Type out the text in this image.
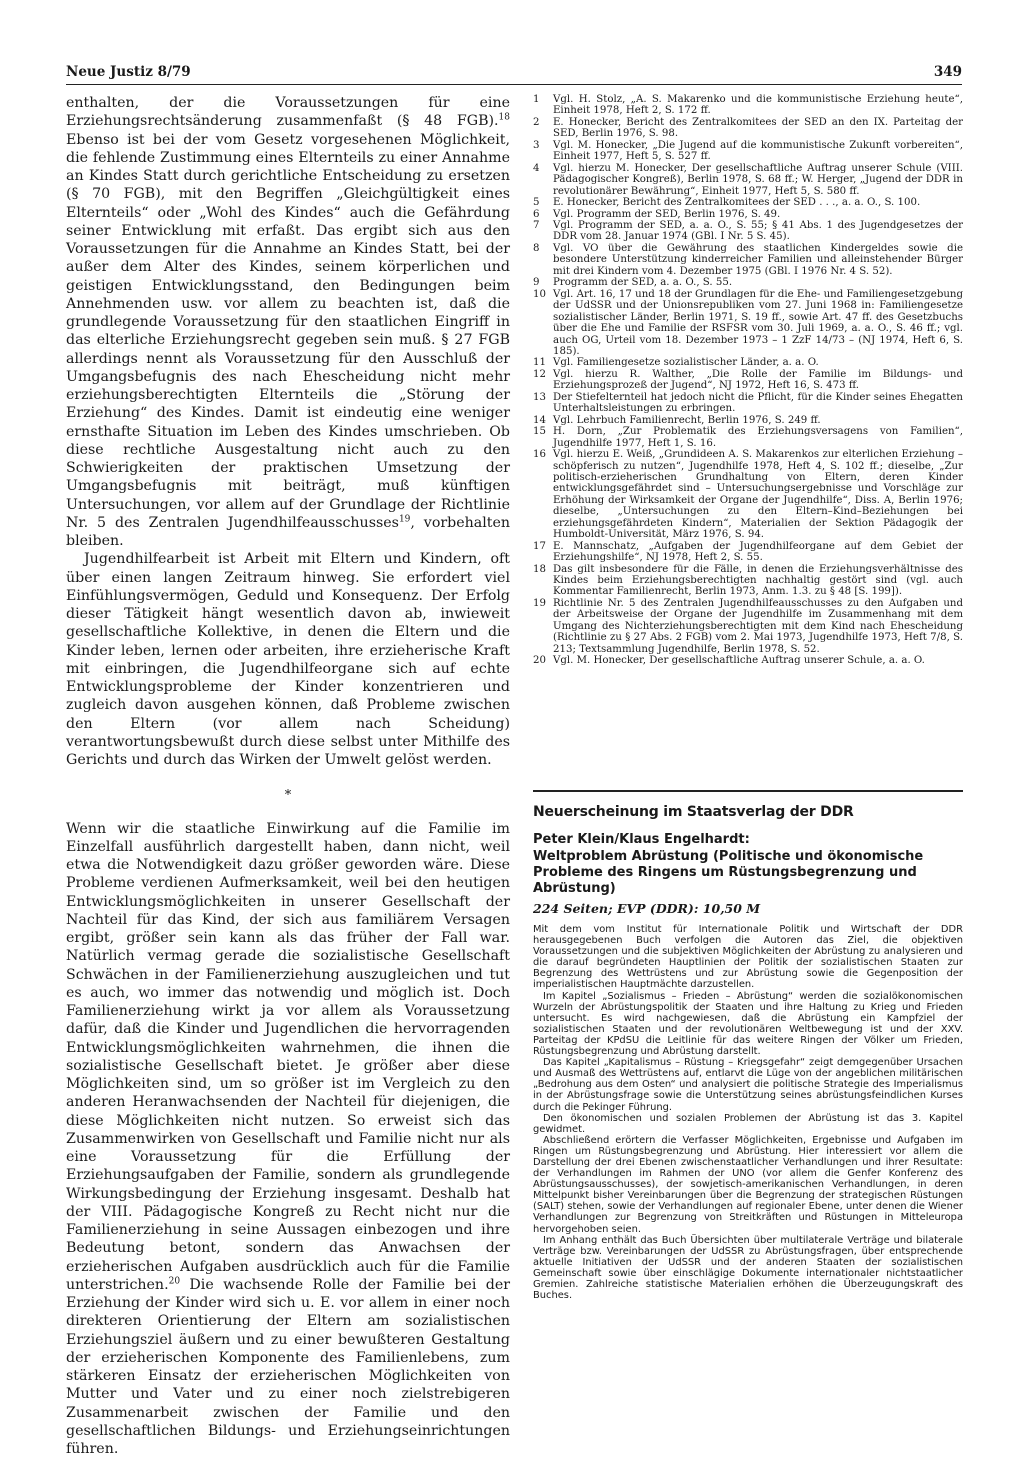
Neue Justiz 8/79	349

enthalten, der die Voraussetzungen für eine Erziehungsrechtsänderung zusammenfaßt (§ 48 FGB).$^{18}$ Ebenso ist bei der vom Gesetz vorgesehenen Möglichkeit, die fehlende Zustimmung eines Elternteils zu einer Annahme an Kindes Statt durch gerichtliche Entscheidung zu ersetzen (§ 70 FGB), mit den Begriffen „Gleichgültigkeit eines Elternteils“ oder „Wohl des Kindes“ auch die Gefährdung seiner Entwicklung mit erfaßt. Das ergibt sich aus den Voraussetzungen für die Annahme an Kindes Statt, bei der außer dem Alter des Kindes, seinem körperlichen und geistigen Entwicklungsstand, den Bedingungen beim Annehmenden usw. vor allem zu beachten ist, daß die grundlegende Voraussetzung für den staatlichen Eingriff in das elterliche Erziehungsrecht gegeben sein muß. § 27 FGB allerdings nennt als Voraussetzung für den Ausschluß der Umgangsbefugnis des nach Ehescheidung nicht mehr erziehungsberechtigten Elternteils die „Störung der Erziehung“ des Kindes. Damit ist eindeutig eine weniger ernsthafte Situation im Leben des Kindes umschrieben. Ob diese rechtliche Ausgestaltung nicht auch zu den Schwierigkeiten der praktischen Umsetzung der Umgangsbefugnis mit beiträgt, muß künftigen Untersuchungen, vor allem auf der Grundlage der Richtlinie Nr. 5 des Zentralen Jugendhilfeausschusses$^{19}$, vorbehalten bleiben.

Jugendhilfearbeit ist Arbeit mit Eltern und Kindern, oft über einen langen Zeitraum hinweg. Sie erfordert viel Einfühlungsvermögen, Geduld und Konsequenz. Der Erfolg dieser Tätigkeit hängt wesentlich davon ab, inwieweit gesellschaftliche Kollektive, in denen die Eltern und die Kinder leben, lernen oder arbeiten, ihre erzieherische Kraft mit einbringen, die Jugendhilfeorgane sich auf echte Entwicklungsprobleme der Kinder konzentrieren und zugleich davon ausgehen können, daß Probleme zwischen den Eltern (vor allem nach Scheidung) verantwortungsbewußt durch diese selbst unter Mithilfe des Gerichts und durch das Wirken der Umwelt gelöst werden.

*

Wenn wir die staatliche Einwirkung auf die Familie im Einzelfall ausführlich dargestellt haben, dann nicht, weil etwa die Notwendigkeit dazu größer geworden wäre. Diese Probleme verdienen Aufmerksamkeit, weil bei den heutigen Entwicklungsmöglichkeiten in unserer Gesellschaft der Nachteil für das Kind, der sich aus familiärem Versagen ergibt, größer sein kann als das früher der Fall war. Natürlich vermag gerade die sozialistische Gesellschaft Schwächen in der Familienerziehung auszugleichen und tut es auch, wo immer das notwendig und möglich ist. Doch Familienerziehung wirkt ja vor allem als Voraussetzung dafür, daß die Kinder und Jugendlichen die hervorragenden Entwicklungsmöglichkeiten wahrnehmen, die ihnen die sozialistische Gesellschaft bietet. Je größer aber diese Möglichkeiten sind, um so größer ist im Vergleich zu den anderen Heranwachsenden der Nachteil für diejenigen, die diese Möglichkeiten nicht nutzen. So erweist sich das Zusammenwirken von Gesellschaft und Familie nicht nur als eine Voraussetzung für die Erfüllung der Erziehungsaufgaben der Familie, sondern als grundlegende Wirkungsbedingung der Erziehung insgesamt. Deshalb hat der VIII. Pädagogische Kongreß zu Recht nicht nur die Familienerziehung in seine Aussagen einbezogen und ihre Bedeutung betont, sondern das Anwachsen der erzieherischen Aufgaben ausdrücklich auch für die Familie unterstrichen.$^{20}$ Die wachsende Rolle der Familie bei der Erziehung der Kinder wird sich u. E. vor allem in einer noch direkteren Orientierung der Eltern am sozialistischen Erziehungsziel äußern und zu einer bewußteren Gestaltung der erzieherischen Komponente des Familienlebens, zum stärkeren Einsatz der erzieherischen Möglichkeiten von Mutter und Vater und zu einer noch zielstrebigeren Zusammenarbeit zwischen der Familie und den gesellschaftlichen Bildungs- und Erziehungseinrichtungen führen.

1	Vgl. H. Stolz, „A. S. Makarenko und die kommunistische Erziehung heute“, Einheit 1978, Heft 2, S. 172 ff.
2	E. Honecker, Bericht des Zentralkomitees der SED an den IX. Parteitag der SED, Berlin 1976, S. 98.
3	Vgl. M. Honecker, „Die Jugend auf die kommunistische Zukunft vorbereiten“, Einheit 1977, Heft 5, S. 527 ff.
4	Vgl. hierzu M. Honecker, Der gesellschaftliche Auftrag unserer Schule (VIII. Pädagogischer Kongreß), Berlin 1978, S. 68 ff.; W. Herger, „Jugend der DDR in revolutionärer Bewährung“, Einheit 1977, Heft 5, S. 580 ff.
5	E. Honecker, Bericht des Zentralkomitees der SED . . ., a. a. O., S. 100.
6	Vgl. Programm der SED, Berlin 1976, S. 49.
7	Vgl. Programm der SED, a. a. O., S. 55; § 41 Abs. 1 des Jugendgesetzes der DDR vom 28. Januar 1974 (GBl. I Nr. 5 S. 45).
8	Vgl. VO über die Gewährung des staatlichen Kindergeldes sowie die besondere Unterstützung kinderreicher Familien und alleinstehender Bürger mit drei Kindern vom 4. Dezember 1975 (GBl. I 1976 Nr. 4 S. 52).
9	Programm der SED, a. a. O., S. 55.
10 Vgl. Art. 16, 17 und 18 der Grundlagen für die Ehe- und Familiengesetzgebung der UdSSR und der Unionsrepubliken vom 27. Juni 1968 in: Familiengesetze sozialistischer Länder, Berlin 1971, S. 19 ff., sowie Art. 47 ff. des Gesetzbuchs über die Ehe und Familie der RSFSR vom 30. Juli 1969, a. a. O., S. 46 ff.; vgl. auch OG, Urteil vom 18. Dezember 1973 – 1 ZzF 14/73 – (NJ 1974, Heft 6, S. 185).
11 Vgl. Familiengesetze sozialistischer Länder, a. a. O.
12 Vgl. hierzu R. Walther, „Die Rolle der Familie im Bildungs- und Erziehungsprozeß der Jugend“, NJ 1972, Heft 16, S. 473 ff.
13 Der Stiefelternteil hat jedoch nicht die Pflicht, für die Kinder seines Ehegatten Unterhaltsleistungen zu erbringen.
14 Vgl. Lehrbuch Familienrecht, Berlin 1976, S. 249 ff.
15 H. Dorn, „Zur Problematik des Erziehungsversagens von Familien“, Jugendhilfe 1977, Heft 1, S. 16.
16 Vgl. hierzu E. Weiß, „Grundideen A. S. Makarenkos zur elterlichen Erziehung – schöpferisch zu nutzen“, Jugendhilfe 1978, Heft 4, S. 102 ff.; dieselbe, „Zur politisch-erzieherischen Grundhaltung von Eltern, deren Kinder entwicklungsgefährdet sind – Untersuchungsergebnisse und Vorschläge zur Erhöhung der Wirksamkeit der Organe der Jugendhilfe“, Diss. A, Berlin 1976; dieselbe, „Untersuchungen zu den Eltern–Kind–Beziehungen bei erziehungsgefährdeten Kindern“, Materialien der Sektion Pädagogik der Humboldt-Universität, März 1976, S. 94.
17 E. Mannschatz, „Aufgaben der Jugendhilfeorgane auf dem Gebiet der Erziehungshilfe“, NJ 1978, Heft 2, S. 55.
18 Das gilt insbesondere für die Fälle, in denen die Erziehungsverhältnisse des Kindes beim Erziehungsberechtigten nachhaltig gestört sind (vgl. auch Kommentar Familienrecht, Berlin 1973, Anm. 1.3. zu § 48 [S. 199]).
19 Richtlinie Nr. 5 des Zentralen Jugendhilfeausschusses zu den Aufgaben und der Arbeitsweise der Organe der Jugendhilfe im Zusammenhang mit dem Umgang des Nichterziehungsberechtigten mit dem Kind nach Ehescheidung (Richtlinie zu § 27 Abs. 2 FGB) vom 2. Mai 1973, Jugendhilfe 1973, Heft 7/8, S. 213; Textsammlung Jugendhilfe, Berlin 1978, S. 52.
20 Vgl. M. Honecker, Der gesellschaftliche Auftrag unserer Schule, a. a. O.
Neuerscheinung im Staatsverlag der DDR
Peter Klein/Klaus Engelhardt:
Weltproblem Abrüstung (Politische und ökonomische Probleme des Ringens um Rüstungsbegrenzung und Abrüstung)
224 Seiten; EVP (DDR): 10,50 M

Mit dem vom Institut für Internationale Politik und Wirtschaft der DDR herausgegebenen Buch verfolgen die Autoren das Ziel, die objektiven Voraussetzungen und die subjektiven Möglichkeiten der Abrüstung zu analysieren und die darauf begründeten Hauptlinien der Politik der sozialistischen Staaten zur Begrenzung des Wettrüstens und zur Abrüstung sowie die Gegenposition der imperialistischen Hauptmächte darzustellen.

Im Kapitel „Sozialismus – Frieden – Abrüstung“ werden die sozialökonomischen Wurzeln der Abrüstungspolitik der Staaten und ihre Haltung zu Krieg und Frieden untersucht. Es wird nachgewiesen, daß die Abrüstung ein Kampfziel der sozialistischen Staaten und der revolutionären Weltbewegung ist und der XXV. Parteitag der KPdSU die Leitlinie für das weitere Ringen der Völker um Frieden, Rüstungsbegrenzung und Abrüstung darstellt.

Das Kapitel „Kapitalismus – Rüstung – Kriegsgefahr“ zeigt demgegenüber Ursachen und Ausmaß des Wettrüstens auf, entlarvt die Lüge von der angeblichen militärischen „Bedrohung aus dem Osten“ und analysiert die politische Strategie des Imperialismus in der Abrüstungsfrage sowie die Unterstützung seines abrüstungsfeindlichen Kurses durch die Pekinger Führung.

Den ökonomischen und sozialen Problemen der Abrüstung ist das 3. Kapitel gewidmet.

Abschließend erörtern die Verfasser Möglichkeiten, Ergebnisse und Aufgaben im Ringen um Rüstungsbegrenzung und Abrüstung. Hier interessiert vor allem die Darstellung der drei Ebenen zwischenstaatlicher Verhandlungen und ihrer Resultate: der Verhandlungen im Rahmen der UNO (vor allem die Genfer Konferenz des Abrüstungsausschusses), der sowjetisch-amerikanischen Verhandlungen, in deren Mittelpunkt bisher Vereinbarungen über die Begrenzung der strategischen Rüstungen (SALT) stehen, sowie der Verhandlungen auf regionaler Ebene, unter denen die Wiener Verhandlungen zur Begrenzung von Streitkräften und Rüstungen in Mitteleuropa hervorgehoben seien.

Im Anhang enthält das Buch Übersichten über multilaterale Verträge und bilaterale Verträge bzw. Vereinbarungen der UdSSR zu Abrüstungsfragen, über entsprechende aktuelle Initiativen der UdSSR und der anderen Staaten der sozialistischen Gemeinschaft sowie über einschlägige Dokumente internationaler nichtstaatlicher Gremien. Zahlreiche statistische Materialien erhöhen die Überzeugungskraft des Buches.
